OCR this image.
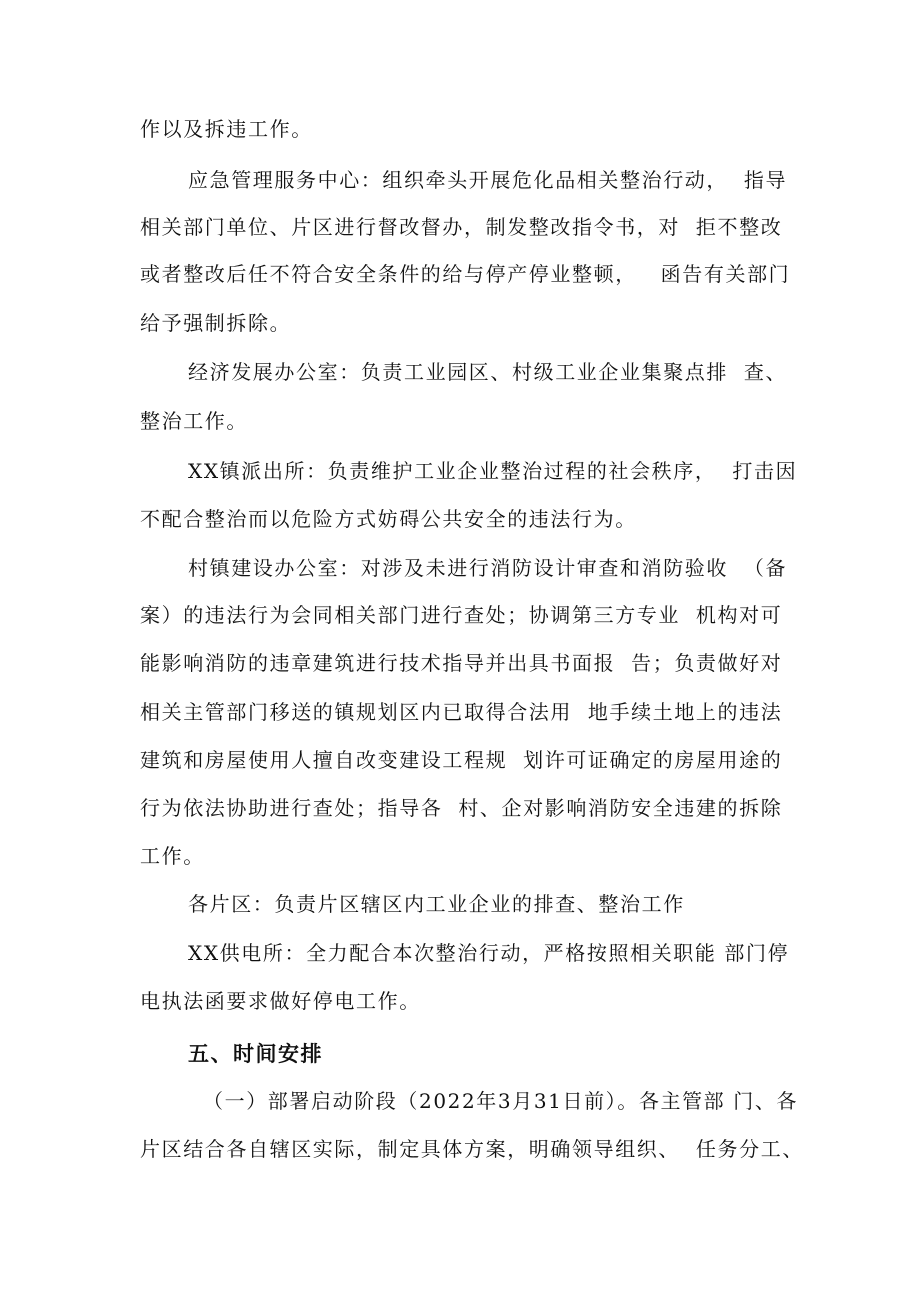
作以及拆违工作。
应急管理服务中心：组织牵头开展危化品相关整治行动，  指导
相关部门单位、片区进行督改督办，制发整改指令书，对  拒不整改
或者整改后任不符合安全条件的给与停产停业整顿，   函告有关部门
给予强制拆除。
经济发展办公室：负责工业园区、村级工业企业集聚点排  查、
整治工作。
XX镇派出所：负责维护工业企业整治过程的社会秩序，  打击因
不配合整治而以危险方式妨碍公共安全的违法行为。
村镇建设办公室：对涉及未进行消防设计审查和消防验收  （备
案）的违法行为会同相关部门进行查处；协调第三方专业  机构对可
能影响消防的违章建筑进行技术指导并出具书面报  告；负责做好对
相关主管部门移送的镇规划区内已取得合法用  地手续土地上的违法
建筑和房屋使用人擅自改变建设工程规  划许可证确定的房屋用途的
行为依法协助进行查处；指导各  村、企对影响消防安全违建的拆除
工作。
各片区：负责片区辖区内工业企业的排查、整治工作
XX供电所：全力配合本次整治行动，严格按照相关职能 部门停
电执法函要求做好停电工作。
五、时间安排
（一）部署启动阶段（2022年3月31日前）。各主管部 门、各
片区结合各自辖区实际，制定具体方案，明确领导组织、  任务分工、
